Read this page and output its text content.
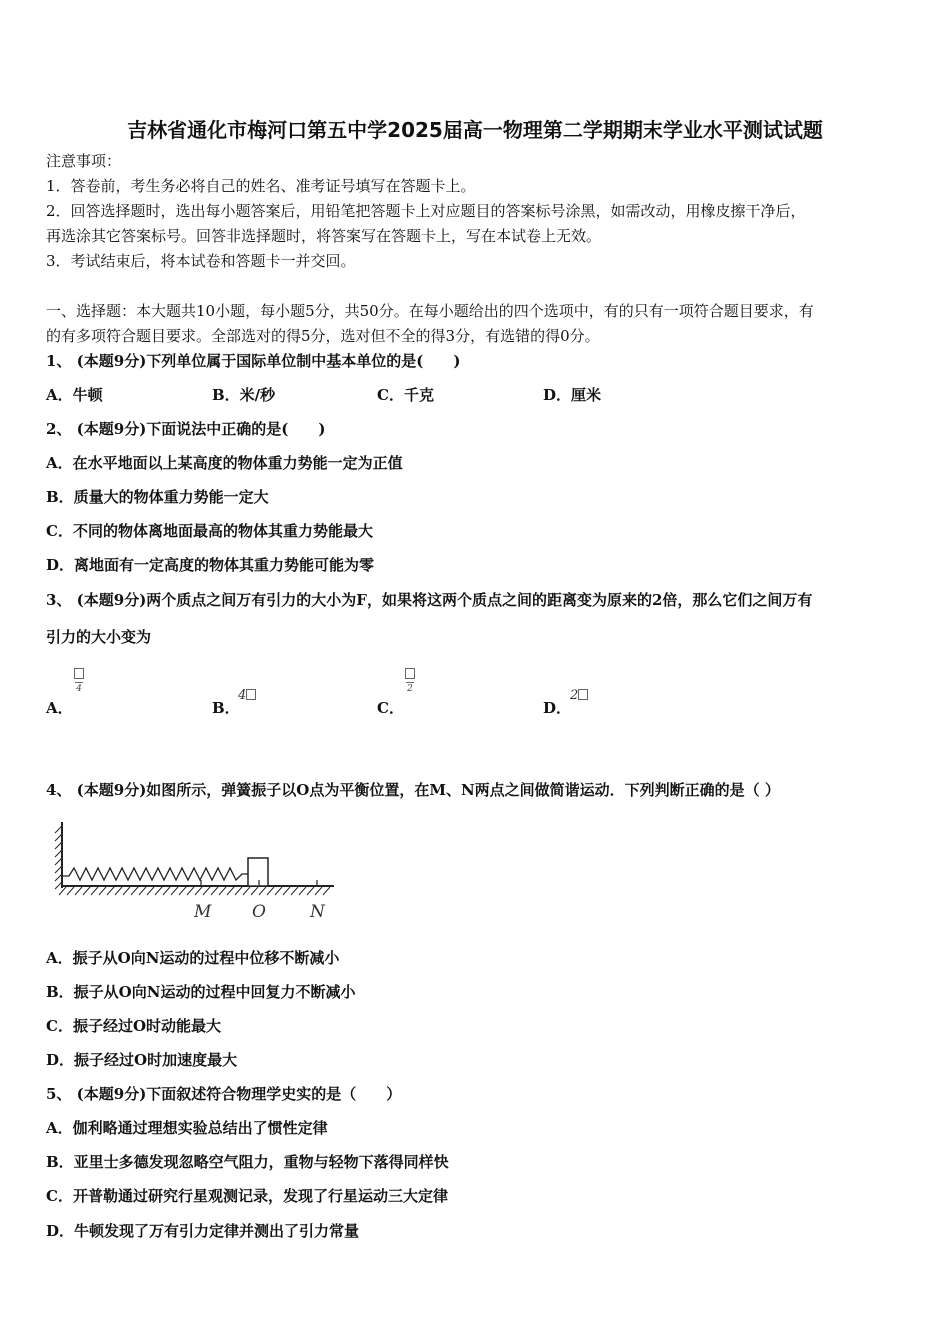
吉林省通化市梅河口第五中学2025届高一物理第二学期期末学业水平测试试题
注意事项：
1．答卷前，考生务必将自己的姓名、准考证号填写在答题卡上。
2．回答选择题时，选出每小题答案后，用铅笔把答题卡上对应题目的答案标号涂黑，如需改动，用橡皮擦干净后，
再选涂其它答案标号。回答非选择题时，将答案写在答题卡上，写在本试卷上无效。
3．考试结束后，将本试卷和答题卡一并交回。
一、选择题：本大题共10小题，每小题5分，共50分。在每小题给出的四个选项中，有的只有一项符合题目要求，有
的有多项符合题目要求。全部选对的得5分，选对但不全的得3分，有选错的得0分。
1、 (本题9分)下列单位属于国际单位制中基本单位的是(　　)
A．牛顿	B．米/秒	C．千克	D．厘米
2、 (本题9分)下面说法中正确的是(　　)
A．在水平地面以上某高度的物体重力势能一定为正值
B．质量大的物体重力势能一定大
C．不同的物体离地面最高的物体其重力势能最大
D．离地面有一定高度的物体其重力势能可能为零
3、 (本题9分)两个质点之间万有引力的大小为F，如果将这两个质点之间的距离变为原来的2倍，那么它们之间万有
引力的大小变为
A．
4
B．
4
C．
2
D．
2
4、 (本题9分)如图所示，弹簧振子以O点为平衡位置，在M、N两点之间做简谐运动．下列判断正确的是（ ）
M O	N
A．振子从O向N运动的过程中位移不断减小
B．振子从O向N运动的过程中回复力不断减小
C．振子经过O时动能最大
D．振子经过O时加速度最大
5、 (本题9分)下面叙述符合物理学史实的是（　　）
A．伽利略通过理想实验总结出了惯性定律
B．亚里士多德发现忽略空气阻力，重物与轻物下落得同样快
C．开普勒通过研究行星观测记录，发现了行星运动三大定律
D．牛顿发现了万有引力定律并测出了引力常量
